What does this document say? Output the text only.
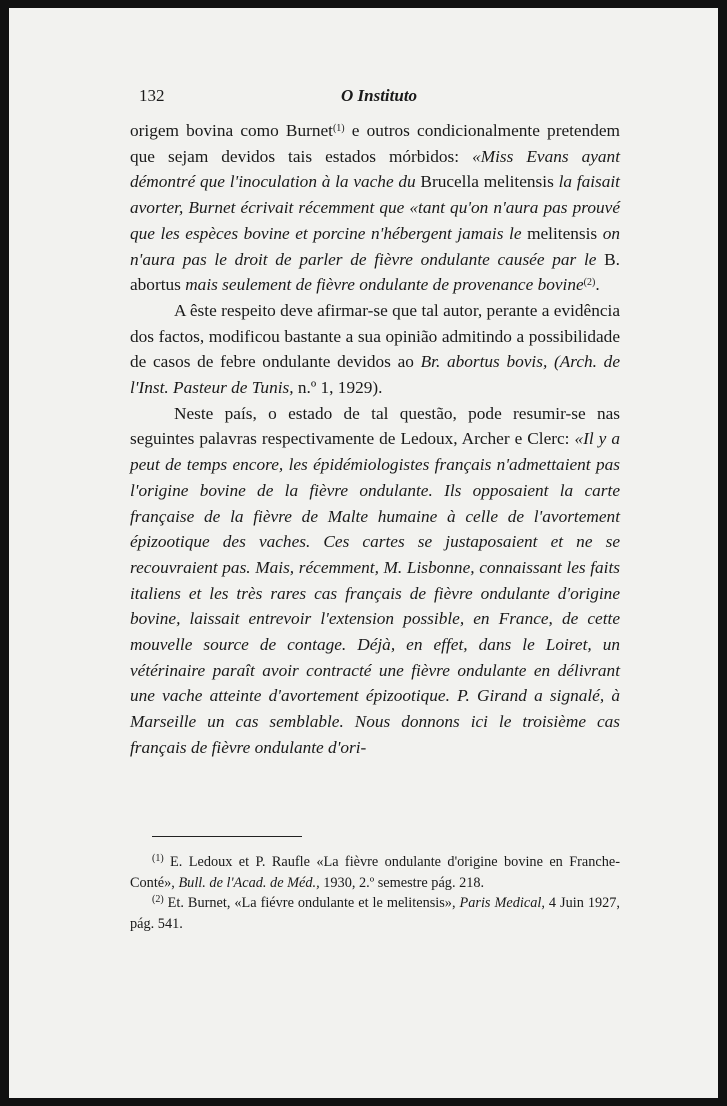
132	O Instituto

origem bovina como Burnet$^{(1)}$ e outros condicionalmente pretendem que sejam devidos tais estados mórbidos: «Miss Evans ayant démontré que l'inoculation à la vache du Brucella melitensis la faisait avorter, Burnet écrivait récemment que «tant qu'on n'aura pas prouvé que les espèces bovine et porcine n'hébergent jamais le melitensis on n'aura pas le droit de parler de fièvre ondulante causée par le B. abortus mais seulement de fièvre ondulante de provenance bovine$^{(2)}$.

A êste respeito deve afirmar-se que tal autor, perante a evidência dos factos, modificou bastante a sua opinião admitindo a possibilidade de casos de febre ondulante devidos ao Br. abortus bovis, (Arch. de l'Inst. Pasteur de Tunis, n.º 1, 1929).

Neste país, o estado de tal questão, pode resumir-se nas seguintes palavras respectivamente de Ledoux, Archer e Clerc: «Il y a peut de temps encore, les épidémiologistes français n'admettaient pas l'origine bovine de la fièvre ondulante. Ils opposaient la carte française de la fièvre de Malte humaine à celle de l'avortement épizootique des vaches. Ces cartes se justaposaient et ne se recouvraient pas. Mais, récemment, M. Lisbonne, connaissant les faits italiens et les très rares cas français de fièvre ondulante d'origine bovine, laissait entrevoir l'extension possible, en France, de cette mouvelle source de contage. Déjà, en effet, dans le Loiret, un vétérinaire paraît avoir contracté une fièvre ondulante en délivrant une vache atteinte d'avortement épizootique. P. Girand a signalé, à Marseille un cas semblable. Nous donnons ici le troisième cas français de fièvre ondulante d'ori-

$^{(1)}$ E. Ledoux et P. Raufle «La fièvre ondulante d'origine bovine en Franche-Conté», Bull. de l'Acad. de Méd., 1930, 2.º semestre pág. 218.

$^{(2)}$ Et. Burnet, «La fiévre ondulante et le melitensis», Paris Medical, 4 Juin 1927, pág. 541.
